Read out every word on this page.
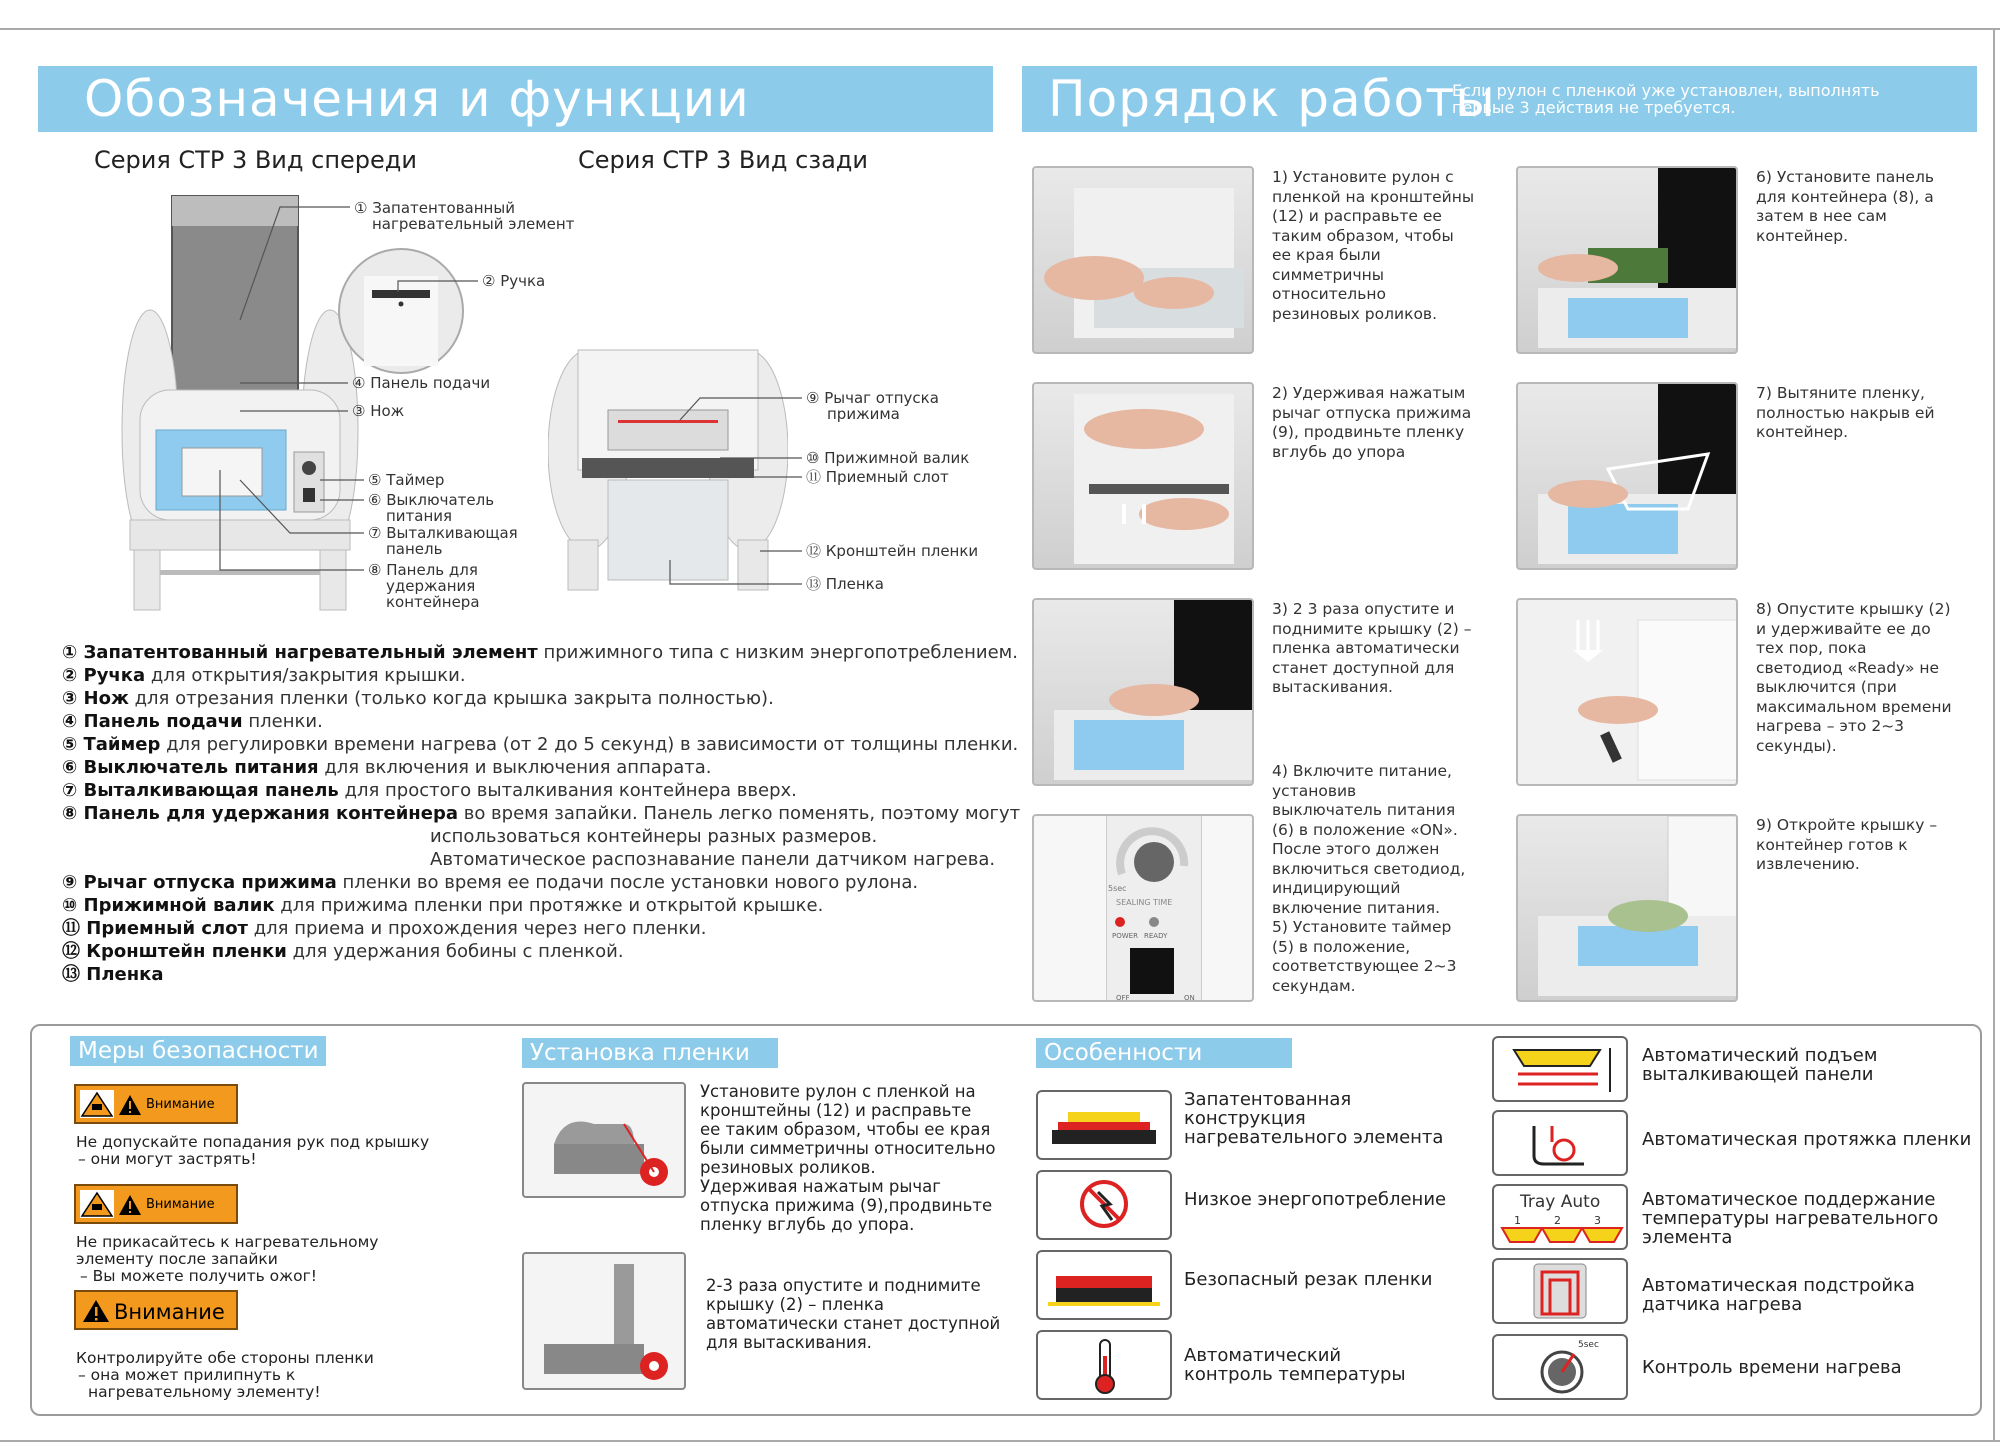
Обозначения и функции	Порядок работы
Если рулон с пленкой уже установлен, выполнять
первые 3 действия не требуется.
Серия СТР 3 Вид спереди	Серия СТР 3 Вид сзади
① Запатентованный
нагревательный элемент
② Ручка
④ Панель подачи
③ Нож
⑤ Таймер
⑥ Выключатель
питания
⑦ Выталкивающая
панель
⑧ Панель для
удержания
контейнера
⑨ Рычаг отпуска
прижима
⑩ Прижимной валик
⑪ Приемный слот
⑫ Кронштейн пленки
⑬ Пленка
① Запатентованный нагревательный элемент прижимного типа с низким энергопотреблением.
② Ручка для открытия/закрытия крышки.
③ Нож для отрезания пленки (только когда крышка закрыта полностью).
④ Панель подачи пленки.
⑤ Таймер для регулировки времени нагрева (от 2 до 5 секунд) в зависимости от толщины пленки.
⑥ Выключатель питания для включения и выключения аппарата.
⑦ Выталкивающая панель для простого выталкивания контейнера вверх.
⑧ Панель для удержания контейнера во время запайки. Панель легко поменять, поэтому могут
использоваться контейнеры разных размеров.
Автоматическое распознавание панели датчиком нагрева.
⑨ Рычаг отпуска прижима пленки во время ее подачи после установки нового рулона.
⑩ Прижимной валик для прижима пленки при протяжке и открытой крышке.
⑪ Приемный слот для приема и прохождения через него пленки.
⑫ Кронштейн пленки для удержания бобины с пленкой.
⑬ Пленка
5sec
SEALING TIME
POWER READY
OFF	ON
1) Установите рулон с
пленкой на кронштейны
(12) и расправьте ее
таким образом, чтобы
ее края были
симметричны
относительно
резиновых роликов.
2) Удерживая нажатым
рычаг отпуска прижима
(9), продвиньте пленку
вглубь до упора
3) 2 3 раза опустите и
поднимите крышку (2) –
пленка автоматически
станет доступной для
вытаскивания.
4) Включите питание,
установив
выключатель питания
(6) в положение «ON».
После этого должен
включиться светодиод,
индицирующий
включение питания.
5) Установите таймер
(5) в положение,
соответствующее 2~3
секундам.
6) Установите панель
для контейнера (8), а
затем в нее сам
контейнер.
7) Вытяните пленку,
полностью накрыв ей
контейнер.
8) Опустите крышку (2)
и удерживайте ее до
тех пор, пока
светодиод «Ready» не
выключится (при
максимальном времени
нагрева – это 2~3
секунды).
9) Откройте крышку –
контейнер готов к
извлечению.
Меры безопасности
Внимание
Не допускайте попадания рук под крышку
– они могут застрять!
Внимание
Не прикасайтесь к нагревательному
элементу после запайки
– Вы можете получить ожог!
Внимание
Контролируйте обе стороны пленки
– она может прилипнуть к
нагревательному элементу!
Установка пленки
Установите рулон с пленкой на
кронштейны (12) и расправьте
ее таким образом, чтобы ее края
были симметричны относительно
резиновых роликов.
Удерживая нажатым рычаг
отпуска прижима (9),продвиньте
пленку вглубь до упора.
2-3 раза опустите и поднимите
крышку (2) – пленка
автоматически станет доступной
для вытаскивания.
Особенности
Запатентованная
конструкция
нагревательного элемента
Низкое энергопотребление
Безопасный резак пленки
Автоматический
контроль температуры
Автоматический подъем
выталкивающей панели
Автоматическая протяжка пленки
Tray Auto
1	2	3
Автоматическое поддержание
температуры нагревательного
элемента
Автоматическая подстройка
датчика нагрева
5sec
Контроль времени нагрева
